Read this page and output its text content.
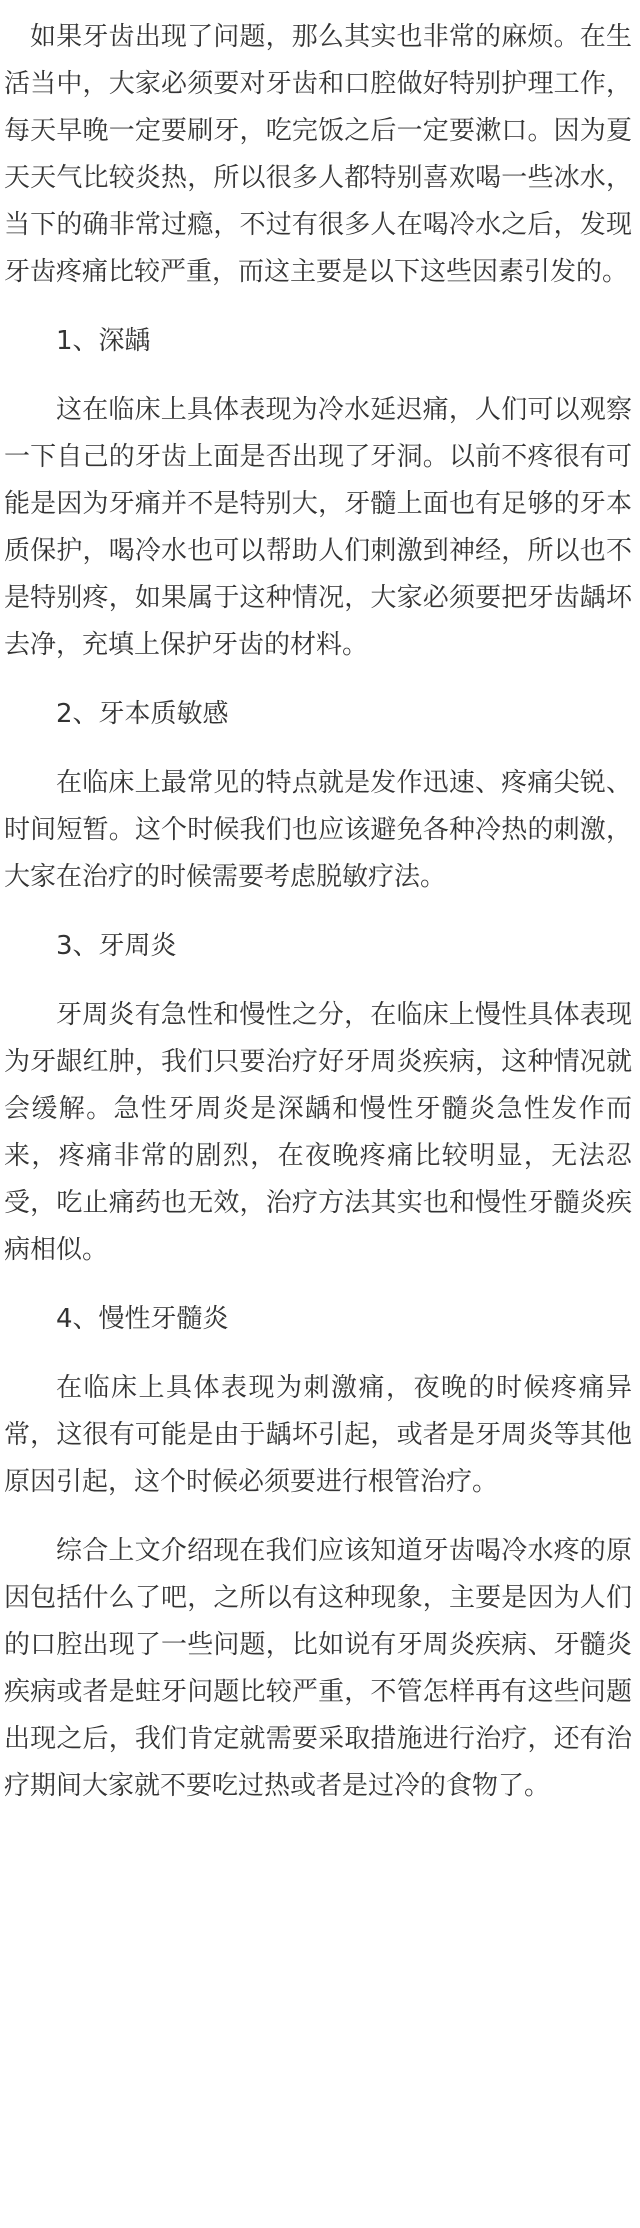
如果牙齿出现了问题，那么其实也非常的麻烦。在生活当中，大家必须要对牙齿和口腔做好特别护理工作，每天早晚一定要刷牙，吃完饭之后一定要漱口。因为夏天天气比较炎热，所以很多人都特别喜欢喝一些冰水，当下的确非常过瘾，不过有很多人在喝冷水之后，发现牙齿疼痛比较严重，而这主要是以下这些因素引发的。

1、深龋

这在临床上具体表现为冷水延迟痛，人们可以观察一下自己的牙齿上面是否出现了牙洞。以前不疼很有可能是因为牙痛并不是特别大，牙髓上面也有足够的牙本质保护，喝冷水也可以帮助人们刺激到神经，所以也不是特别疼，如果属于这种情况，大家必须要把牙齿龋坏去净，充填上保护牙齿的材料。

2、牙本质敏感

在临床上最常见的特点就是发作迅速、疼痛尖锐、时间短暂。这个时候我们也应该避免各种冷热的刺激，大家在治疗的时候需要考虑脱敏疗法。

3、牙周炎

牙周炎有急性和慢性之分，在临床上慢性具体表现为牙龈红肿，我们只要治疗好牙周炎疾病，这种情况就会缓解。急性牙周炎是深龋和慢性牙髓炎急性发作而来，疼痛非常的剧烈，在夜晚疼痛比较明显，无法忍受，吃止痛药也无效，治疗方法其实也和慢性牙髓炎疾病相似。

4、慢性牙髓炎

在临床上具体表现为刺激痛，夜晚的时候疼痛异常，这很有可能是由于龋坏引起，或者是牙周炎等其他原因引起，这个时候必须要进行根管治疗。

综合上文介绍现在我们应该知道牙齿喝冷水疼的原因包括什么了吧，之所以有这种现象，主要是因为人们的口腔出现了一些问题，比如说有牙周炎疾病、牙髓炎疾病或者是蛀牙问题比较严重，不管怎样再有这些问题出现之后，我们肯定就需要采取措施进行治疗，还有治疗期间大家就不要吃过热或者是过冷的食物了。
